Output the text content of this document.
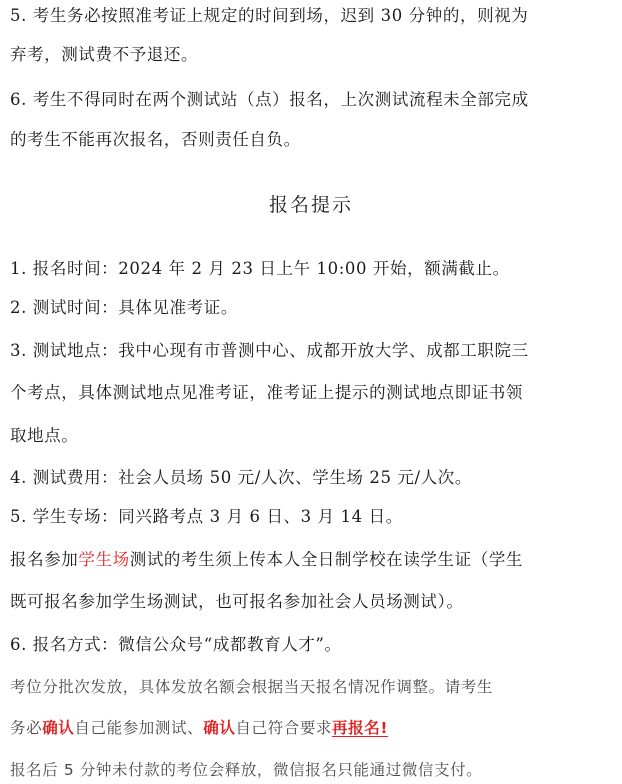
5. 考生务必按照准考证上规定的时间到场，迟到 30 分钟的，则视为
弃考，测试费不予退还。
6. 考生不得同时在两个测试站（点）报名，上次测试流程未全部完成
的考生不能再次报名，否则责任自负。
报名提示
1. 报名时间：2024 年 2 月 23 日上午 10:00 开始，额满截止。
2. 测试时间：具体见准考证。
3. 测试地点：我中心现有市普测中心、成都开放大学、成都工职院三
个考点，具体测试地点见准考证，准考证上提示的测试地点即证书领
取地点。
4. 测试费用：社会人员场 50 元/人次、学生场 25 元/人次。
5. 学生专场：同兴路考点 3 月 6 日、3 月 14 日。
报名参加学生场测试的考生须上传本人全日制学校在读学生证（学生
既可报名参加学生场测试，也可报名参加社会人员场测试）。
6. 报名方式：微信公众号“成都教育人才”。
考位分批次发放，具体发放名额会根据当天报名情况作调整。请考生
务必确认自己能参加测试、确认自己符合要求再报名!
报名后 5 分钟未付款的考位会释放，微信报名只能通过微信支付。
